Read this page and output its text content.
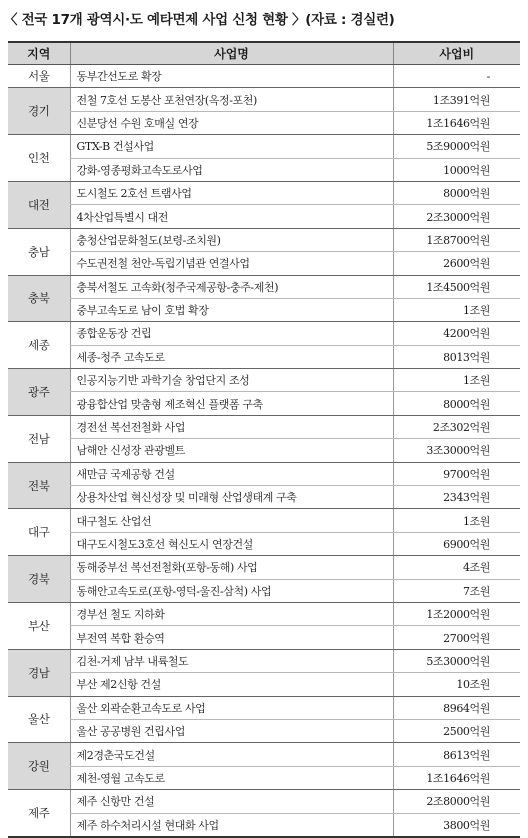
〈 전국 17개 광역시·도 예타면제 사업 신청 현황 〉(자료 : 경실련)
지역	사업명	사업비
서울	동부간선도로 확장	-
경기	전철 7호선 도봉산 포천연장(옥정-포천)	1조391억원
	신분당선 수원 호매실 연장	1조1646억원
인천	GTX-B 건설사업	5조9000억원
	강화-영종평화고속도로사업	1000억원
대전	도시철도 2호선 트램사업	8000억원
	4차산업특별시 대전	2조3000억원
충남	충청산업문화철도(보령-조치원)	1조8700억원
	수도권전철 천안-독립기념관 연결사업	2600억원
충북	충북서철도 고속화(청주국제공항-충주-제천)	1조4500억원
	중부고속도로 남이 호법 확장	1조원
세종	종합운동장 건립	4200억원
	세종-청주 고속도로	8013억원
광주	인공지능기반 과학기술 창업단지 조성	1조원
	광융합산업 맞춤형 제조혁신 플랫폼 구축	8000억원
전남	경전선 복선전철화 사업	2조302억원
	남해안 신성장 관광벨트	3조3000억원
전북	새만금 국제공항 건설	9700억원
	상용차산업 혁신성장 및 미래형 산업생태계 구축	2343억원
대구	대구철도 산업선	1조원
	대구도시철도3호선 혁신도시 연장건설	6900억원
경북	동해중부선 복선전철화(포항-동해) 사업	4조원
	동해안고속도로(포항-영덕-울진-삼척) 사업	7조원
부산	경부선 철도 지하화	1조2000억원
	부전역 복합 환승역	2700억원
경남	김천-거제 남부 내륙철도	5조3000억원
	부산 제2신항 건설	10조원
울산	울산 외곽순환고속도로 사업	8964억원
	울산 공공병원 건립사업	2500억원
강원	제2경춘국도건설	8613억원
	제천-영월 고속도로	1조1646억원
제주	제주 신항만 건설	2조8000억원
	제주 하수처리시설 현대화 사업	3800억원
